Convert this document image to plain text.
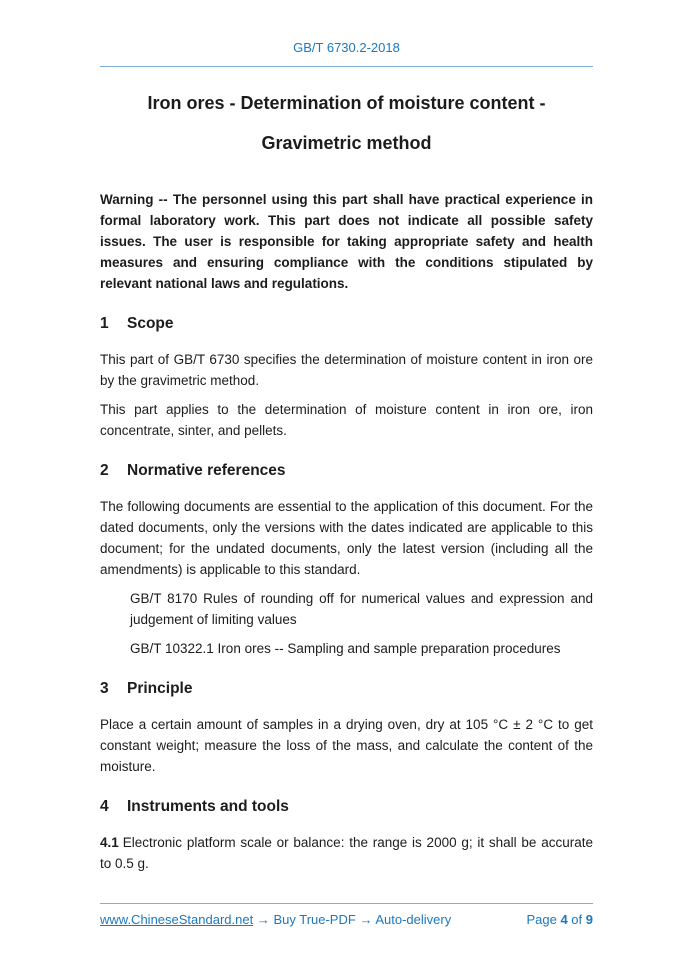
GB/T 6730.2-2018
Iron ores - Determination of moisture content -
Gravimetric method

Warning -- The personnel using this part shall have practical experience in formal laboratory work. This part does not indicate all possible safety issues. The user is responsible for taking appropriate safety and health measures and ensuring compliance with the conditions stipulated by relevant national laws and regulations.

1 Scope

This part of GB/T 6730 specifies the determination of moisture content in iron ore by the gravimetric method.

This part applies to the determination of moisture content in iron ore, iron concentrate, sinter, and pellets.

2 Normative references

The following documents are essential to the application of this document. For the dated documents, only the versions with the dates indicated are applicable to this document; for the undated documents, only the latest version (including all the amendments) is applicable to this standard.

GB/T 8170 Rules of rounding off for numerical values and expression and judgement of limiting values

GB/T 10322.1 Iron ores -- Sampling and sample preparation procedures

3 Principle

Place a certain amount of samples in a drying oven, dry at 105 °C ± 2 °C to get constant weight; measure the loss of the mass, and calculate the content of the moisture.

4 Instruments and tools

4.1 Electronic platform scale or balance: the range is 2000 g; it shall be accurate to 0.5 g.

www.ChineseStandard.net → Buy True-PDF → Auto-delivery	Page 4 of 9
